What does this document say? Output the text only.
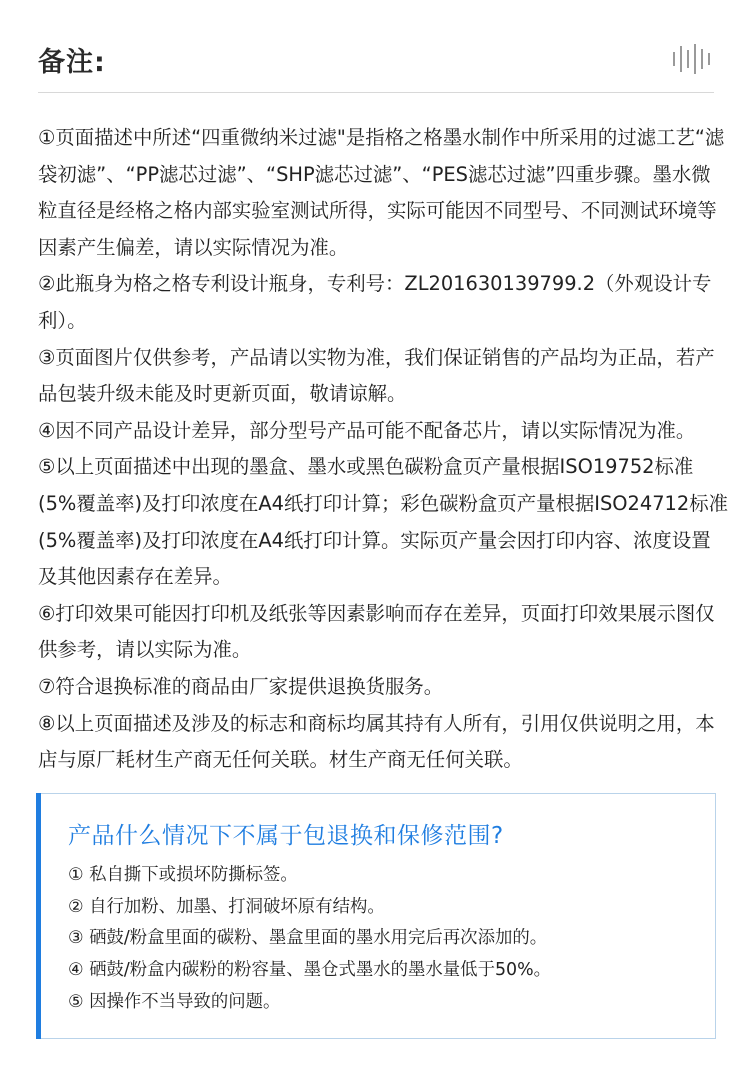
备注:

①页面描述中所述“四重微纳米过滤"是指格之格墨水制作中所采用的过滤工艺“滤袋初滤”、“PP滤芯过滤”、“SHP滤芯过滤”、“PES滤芯过滤”四重步骤。墨水微粒直径是经格之格内部实验室测试所得，实际可能因不同型号、不同测试环境等因素产生偏差，请以实际情况为准。

②此瓶身为格之格专利设计瓶身，专利号：ZL201630139799.2（外观设计专利）。

③页面图片仅供参考，产品请以实物为准，我们保证销售的产品均为正品，若产品包装升级未能及时更新页面，敬请谅解。

④因不同产品设计差异，部分型号产品可能不配备芯片，请以实际情况为准。

⑤以上页面描述中出现的墨盒、墨水或黑色碳粉盒页产量根据ISO19752标准(5%覆盖率)及打印浓度在A4纸打印计算；彩色碳粉盒页产量根据ISO24712标准(5%覆盖率)及打印浓度在A4纸打印计算。实际页产量会因打印内容、浓度设置及其他因素存在差异。

⑥打印效果可能因打印机及纸张等因素影响而存在差异，页面打印效果展示图仅供参考，请以实际为准。

⑦符合退换标准的商品由厂家提供退换货服务。

⑧以上页面描述及涉及的标志和商标均属其持有人所有，引用仅供说明之用，本店与原厂耗材生产商无任何关联。材生产商无任何关联。

产品什么情况下不属于包退换和保修范围?
① 私自撕下或损坏防撕标签。
② 自行加粉、加墨、打洞破坏原有结构。
③ 硒鼓/粉盒里面的碳粉、墨盒里面的墨水用完后再次添加的。
④ 硒鼓/粉盒内碳粉的粉容量、墨仓式墨水的墨水量低于50%。
⑤ 因操作不当导致的问题。
